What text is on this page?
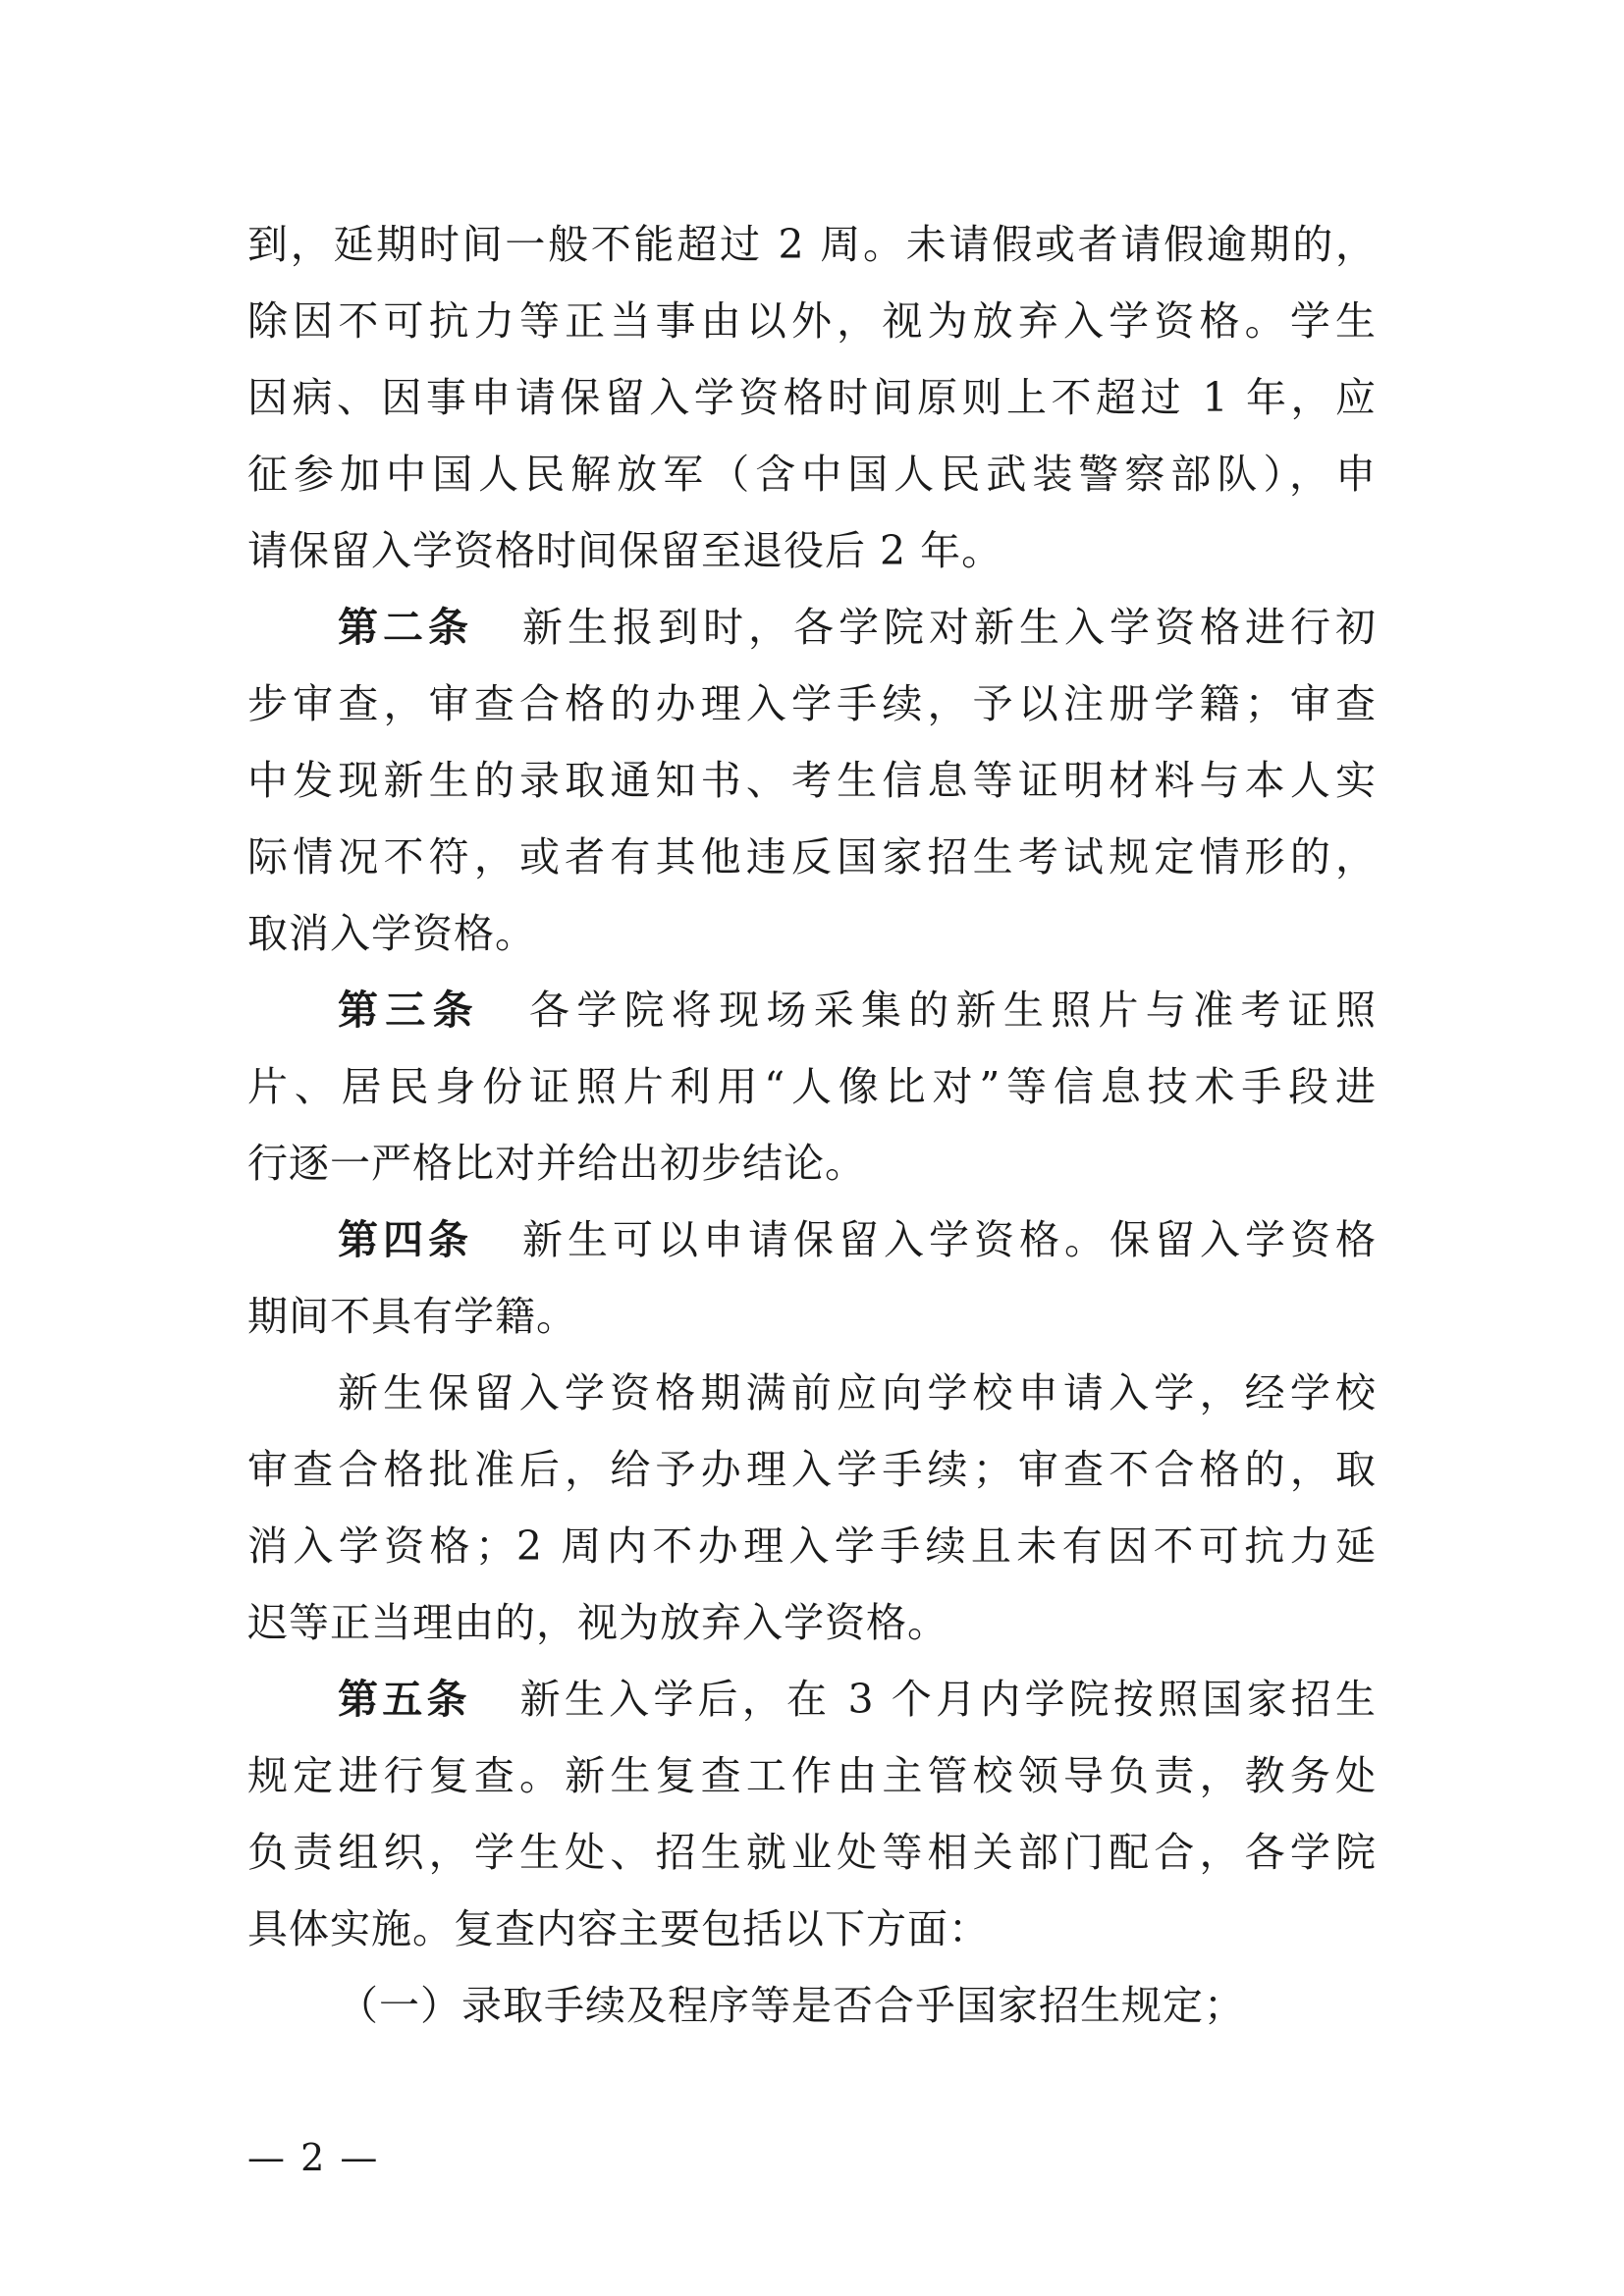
到，延期时间一般不能超过 2 周。未请假或者请假逾期的，
除因不可抗力等正当事由以外，视为放弃入学资格。学生
因病、因事申请保留入学资格时间原则上不超过 1 年，应
征参加中国人民解放军（含中国人民武装警察部队），申
请保留入学资格时间保留至退役后 2 年。
第二条 新生报到时，各学院对新生入学资格进行初
步审查，审查合格的办理入学手续，予以注册学籍；审查
中发现新生的录取通知书、考生信息等证明材料与本人实
际情况不符，或者有其他违反国家招生考试规定情形的，
取消入学资格。
第三条 各学院将现场采集的新生照片与准考证照
片、居民身份证照片利用“人像比对”等信息技术手段进
行逐一严格比对并给出初步结论。
第四条 新生可以申请保留入学资格。保留入学资格
期间不具有学籍。
新生保留入学资格期满前应向学校申请入学，经学校
审查合格批准后，给予办理入学手续；审查不合格的，取
消入学资格；2 周内不办理入学手续且未有因不可抗力延
迟等正当理由的，视为放弃入学资格。
第五条 新生入学后，在 3 个月内学院按照国家招生
规定进行复查。新生复查工作由主管校领导负责，教务处
负责组织，学生处、招生就业处等相关部门配合，各学院
具体实施。复查内容主要包括以下方面：
（一）录取手续及程序等是否合乎国家招生规定；
— 2 —
